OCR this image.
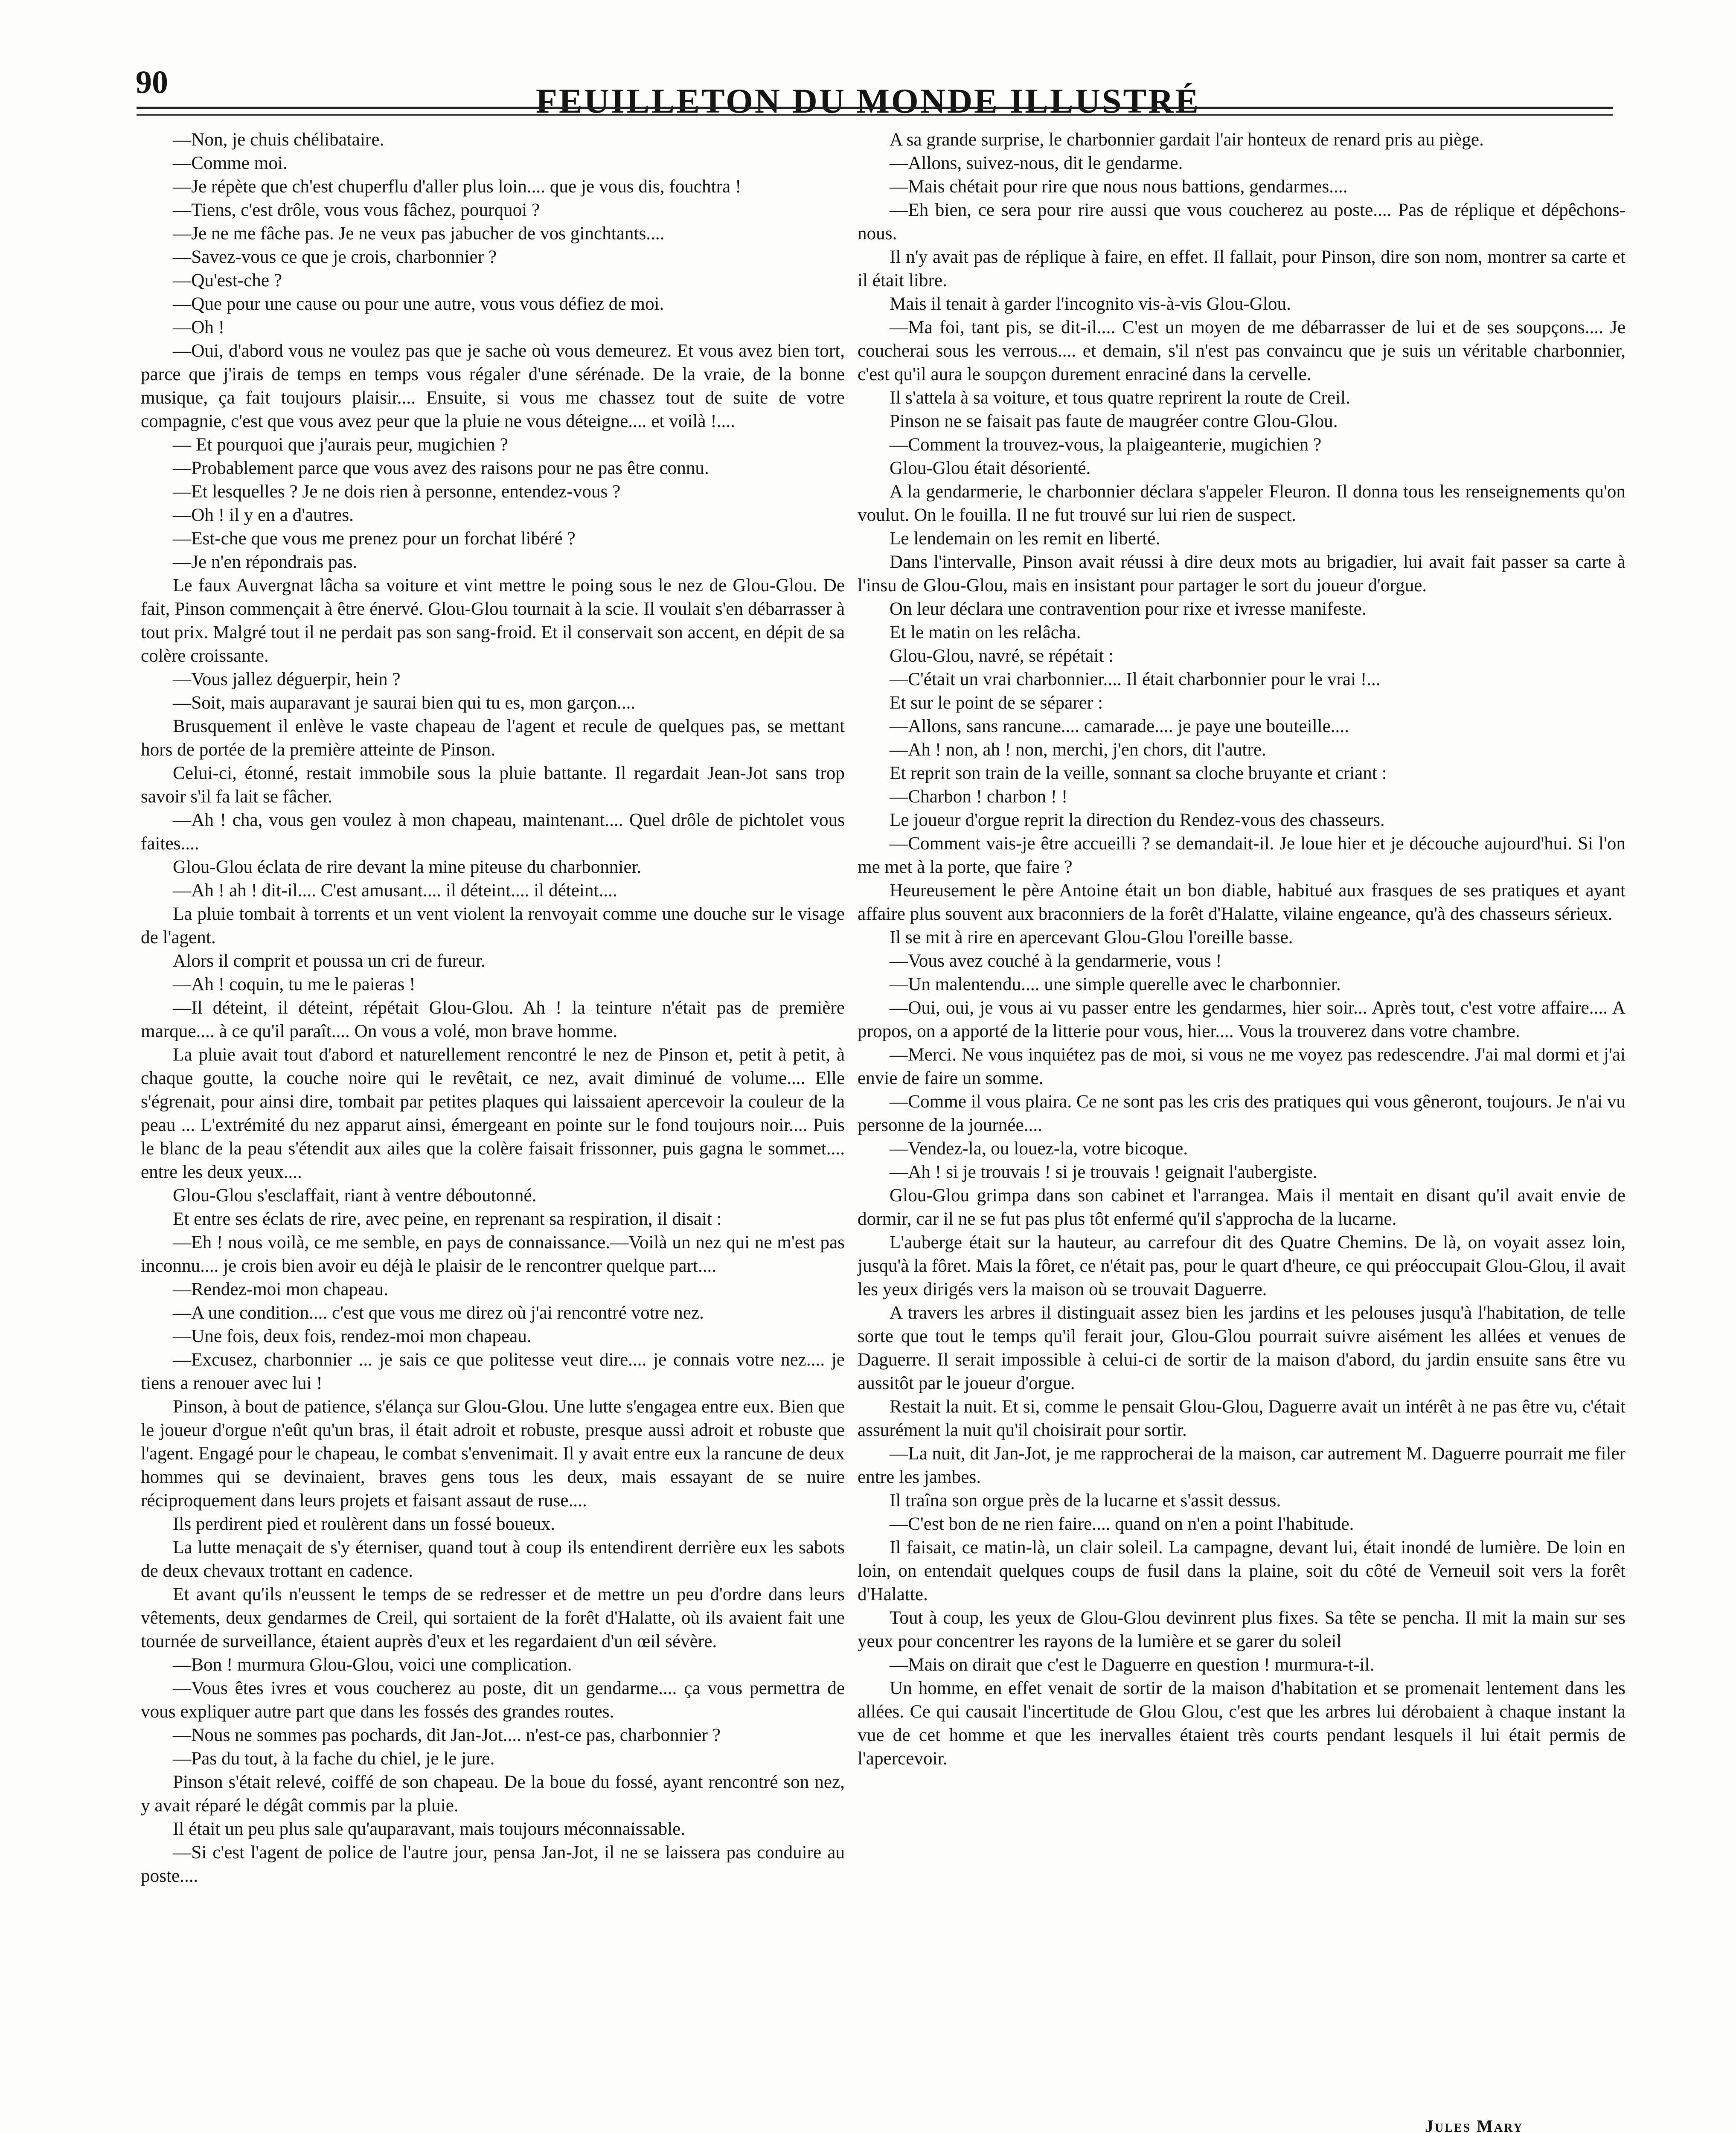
90	FEUILLETON DU MONDE ILLUSTRÉ

—Non, je chuis chélibataire.

—Comme moi.

—Je répète que ch'est chuperflu d'aller plus loin.... que je vous dis, fouchtra !

—Tiens, c'est drôle, vous vous fâchez, pourquoi ?

—Je ne me fâche pas. Je ne veux pas jabucher de vos ginchtants....

—Savez-vous ce que je crois, charbonnier ?

—Qu'est-che ?

—Que pour une cause ou pour une autre, vous vous défiez de moi.

—Oh !

—Oui, d'abord vous ne voulez pas que je sache où vous demeurez. Et vous avez bien tort, parce que j'irais de temps en temps vous régaler d'une sérénade. De la vraie, de la bonne musique, ça fait toujours plaisir.... Ensuite, si vous me chassez tout de suite de votre compagnie, c'est que vous avez peur que la pluie ne vous déteigne.... et voilà !....

— Et pourquoi que j'aurais peur, mugichien ?

—Probablement parce que vous avez des raisons pour ne pas être connu.

—Et lesquelles ? Je ne dois rien à personne, entendez-vous ?

—Oh ! il y en a d'autres.

—Est-che que vous me prenez pour un forchat libéré ?

—Je n'en répondrais pas.

Le faux Auvergnat lâcha sa voiture et vint mettre le poing sous le nez de Glou-Glou. De fait, Pinson commençait à être énervé. Glou-Glou tournait à la scie. Il voulait s'en débarrasser à tout prix. Malgré tout il ne perdait pas son sang-froid. Et il conservait son accent, en dépit de sa colère croissante.

—Vous jallez déguerpir, hein ?

—Soit, mais auparavant je saurai bien qui tu es, mon garçon....

Brusquement il enlève le vaste chapeau de l'agent et recule de quelques pas, se mettant hors de portée de la première atteinte de Pinson.

Celui-ci, étonné, restait immobile sous la pluie battante. Il regardait Jean-Jot sans trop savoir s'il fa lait se fâcher.

—Ah ! cha, vous gen voulez à mon chapeau, maintenant.... Quel drôle de pichtolet vous faites....

Glou-Glou éclata de rire devant la mine piteuse du charbonnier.

—Ah ! ah ! dit-il.... C'est amusant.... il déteint.... il déteint....

La pluie tombait à torrents et un vent violent la renvoyait comme une douche sur le visage de l'agent.

Alors il comprit et poussa un cri de fureur.

—Ah ! coquin, tu me le paieras !

—Il déteint, il déteint, répétait Glou-Glou. Ah ! la teinture n'était pas de première marque.... à ce qu'il paraît.... On vous a volé, mon brave homme.

La pluie avait tout d'abord et naturellement rencontré le nez de Pinson et, petit à petit, à chaque goutte, la couche noire qui le revêtait, ce nez, avait diminué de volume.... Elle s'égrenait, pour ainsi dire, tombait par petites plaques qui laissaient apercevoir la couleur de la peau ... L'extrémité du nez apparut ainsi, émergeant en pointe sur le fond toujours noir.... Puis le blanc de la peau s'étendit aux ailes que la colère faisait frissonner, puis gagna le sommet.... entre les deux yeux....

Glou-Glou s'esclaffait, riant à ventre déboutonné.

Et entre ses éclats de rire, avec peine, en reprenant sa respiration, il disait :

—Eh ! nous voilà, ce me semble, en pays de connaissance.—Voilà un nez qui ne m'est pas inconnu.... je crois bien avoir eu déjà le plaisir de le rencontrer quelque part....

—Rendez-moi mon chapeau.

—A une condition.... c'est que vous me direz où j'ai rencontré votre nez.

—Une fois, deux fois, rendez-moi mon chapeau.

—Excusez, charbonnier ... je sais ce que politesse veut dire.... je connais votre nez.... je tiens a renouer avec lui !

Pinson, à bout de patience, s'élança sur Glou-Glou. Une lutte s'engagea entre eux. Bien que le joueur d'orgue n'eût qu'un bras, il était adroit et robuste, presque aussi adroit et robuste que l'agent. Engagé pour le chapeau, le combat s'envenimait. Il y avait entre eux la rancune de deux hommes qui se devinaient, braves gens tous les deux, mais essayant de se nuire réciproquement dans leurs projets et faisant assaut de ruse....

Ils perdirent pied et roulèrent dans un fossé boueux.

La lutte menaçait de s'y éterniser, quand tout à coup ils entendirent derrière eux les sabots de deux chevaux trottant en cadence.

Et avant qu'ils n'eussent le temps de se redresser et de mettre un peu d'ordre dans leurs vêtements, deux gendarmes de Creil, qui sortaient de la forêt d'Halatte, où ils avaient fait une tournée de surveillance, étaient auprès d'eux et les regardaient d'un œil sévère.

—Bon ! murmura Glou-Glou, voici une complication.

—Vous êtes ivres et vous coucherez au poste, dit un gendarme.... ça vous permettra de vous expliquer autre part que dans les fossés des grandes routes.

—Nous ne sommes pas pochards, dit Jan-Jot.... n'est-ce pas, charbonnier ?

—Pas du tout, à la fache du chiel, je le jure.

Pinson s'était relevé, coiffé de son chapeau. De la boue du fossé, ayant rencontré son nez, y avait réparé le dégât commis par la pluie.

Il était un peu plus sale qu'auparavant, mais toujours méconnaissable.

—Si c'est l'agent de police de l'autre jour, pensa Jan-Jot, il ne se laissera pas conduire au poste....

A sa grande surprise, le charbonnier gardait l'air honteux de renard pris au piège.

—Allons, suivez-nous, dit le gendarme.

—Mais chétait pour rire que nous nous battions, gendarmes....

—Eh bien, ce sera pour rire aussi que vous coucherez au poste.... Pas de réplique et dépêchons-nous.

Il n'y avait pas de réplique à faire, en effet. Il fallait, pour Pinson, dire son nom, montrer sa carte et il était libre.

Mais il tenait à garder l'incognito vis-à-vis Glou-Glou.

—Ma foi, tant pis, se dit-il.... C'est un moyen de me débarrasser de lui et de ses soupçons.... Je coucherai sous les verrous.... et demain, s'il n'est pas convaincu que je suis un véritable charbonnier, c'est qu'il aura le soupçon durement enraciné dans la cervelle.

Il s'attela à sa voiture, et tous quatre reprirent la route de Creil.

Pinson ne se faisait pas faute de maugréer contre Glou-Glou.

—Comment la trouvez-vous, la plaigeanterie, mugichien ?

Glou-Glou était désorienté.

A la gendarmerie, le charbonnier déclara s'appeler Fleuron. Il donna tous les renseignements qu'on voulut. On le fouilla. Il ne fut trouvé sur lui rien de suspect.

Le lendemain on les remit en liberté.

Dans l'intervalle, Pinson avait réussi à dire deux mots au brigadier, lui avait fait passer sa carte à l'insu de Glou-Glou, mais en insistant pour partager le sort du joueur d'orgue.

On leur déclara une contravention pour rixe et ivresse manifeste.

Et le matin on les relâcha.

Glou-Glou, navré, se répétait :

—C'était un vrai charbonnier.... Il était charbonnier pour le vrai !...

Et sur le point de se séparer :

—Allons, sans rancune.... camarade.... je paye une bouteille....

—Ah ! non, ah ! non, merchi, j'en chors, dit l'autre.

Et reprit son train de la veille, sonnant sa cloche bruyante et criant :

—Charbon ! charbon ! !

Le joueur d'orgue reprit la direction du Rendez-vous des chasseurs.

—Comment vais-je être accueilli ? se demandait-il. Je loue hier et je découche aujourd'hui. Si l'on me met à la porte, que faire ?

Heureusement le père Antoine était un bon diable, habitué aux frasques de ses pratiques et ayant affaire plus souvent aux braconniers de la forêt d'Halatte, vilaine engeance, qu'à des chasseurs sérieux.

Il se mit à rire en apercevant Glou-Glou l'oreille basse.

—Vous avez couché à la gendarmerie, vous !

—Un malentendu.... une simple querelle avec le charbonnier.

—Oui, oui, je vous ai vu passer entre les gendarmes, hier soir... Après tout, c'est votre affaire.... A propos, on a apporté de la litterie pour vous, hier.... Vous la trouverez dans votre chambre.

—Merci. Ne vous inquiétez pas de moi, si vous ne me voyez pas redescendre. J'ai mal dormi et j'ai envie de faire un somme.

—Comme il vous plaira. Ce ne sont pas les cris des pratiques qui vous gêneront, toujours. Je n'ai vu personne de la journée....

—Vendez-la, ou louez-la, votre bicoque.

—Ah ! si je trouvais ! si je trouvais ! geignait l'aubergiste.

Glou-Glou grimpa dans son cabinet et l'arrangea. Mais il mentait en disant qu'il avait envie de dormir, car il ne se fut pas plus tôt enfermé qu'il s'approcha de la lucarne.

L'auberge était sur la hauteur, au carrefour dit des Quatre Chemins. De là, on voyait assez loin, jusqu'à la fôret. Mais la fôret, ce n'était pas, pour le quart d'heure, ce qui préoccupait Glou-Glou, il avait les yeux dirigés vers la maison où se trouvait Daguerre.

A travers les arbres il distinguait assez bien les jardins et les pelouses jusqu'à l'habitation, de telle sorte que tout le temps qu'il ferait jour, Glou-Glou pourrait suivre aisément les allées et venues de Daguerre. Il serait impossible à celui-ci de sortir de la maison d'abord, du jardin ensuite sans être vu aussitôt par le joueur d'orgue.

Restait la nuit. Et si, comme le pensait Glou-Glou, Daguerre avait un intérêt à ne pas être vu, c'était assurément la nuit qu'il choisirait pour sortir.

—La nuit, dit Jan-Jot, je me rapprocherai de la maison, car autrement M. Daguerre pourrait me filer entre les jambes.

Il traîna son orgue près de la lucarne et s'assit dessus.

—C'est bon de ne rien faire.... quand on n'en a point l'habitude.

Il faisait, ce matin-là, un clair soleil. La campagne, devant lui, était inondé de lumière. De loin en loin, on entendait quelques coups de fusil dans la plaine, soit du côté de Verneuil soit vers la forêt d'Halatte.

Tout à coup, les yeux de Glou-Glou devinrent plus fixes. Sa tête se pencha. Il mit la main sur ses yeux pour concentrer les rayons de la lumière et se garer du soleil

—Mais on dirait que c'est le Daguerre en question ! murmura-t-il.

Un homme, en effet venait de sortir de la maison d'habitation et se promenait lentement dans les allées. Ce qui causait l'incertitude de Glou Glou, c'est que les arbres lui dérobaient à chaque instant la vue de cet homme et que les inervalles étaient très courts pendant lesquels il lui était permis de l'apercevoir.

Jules Mary
